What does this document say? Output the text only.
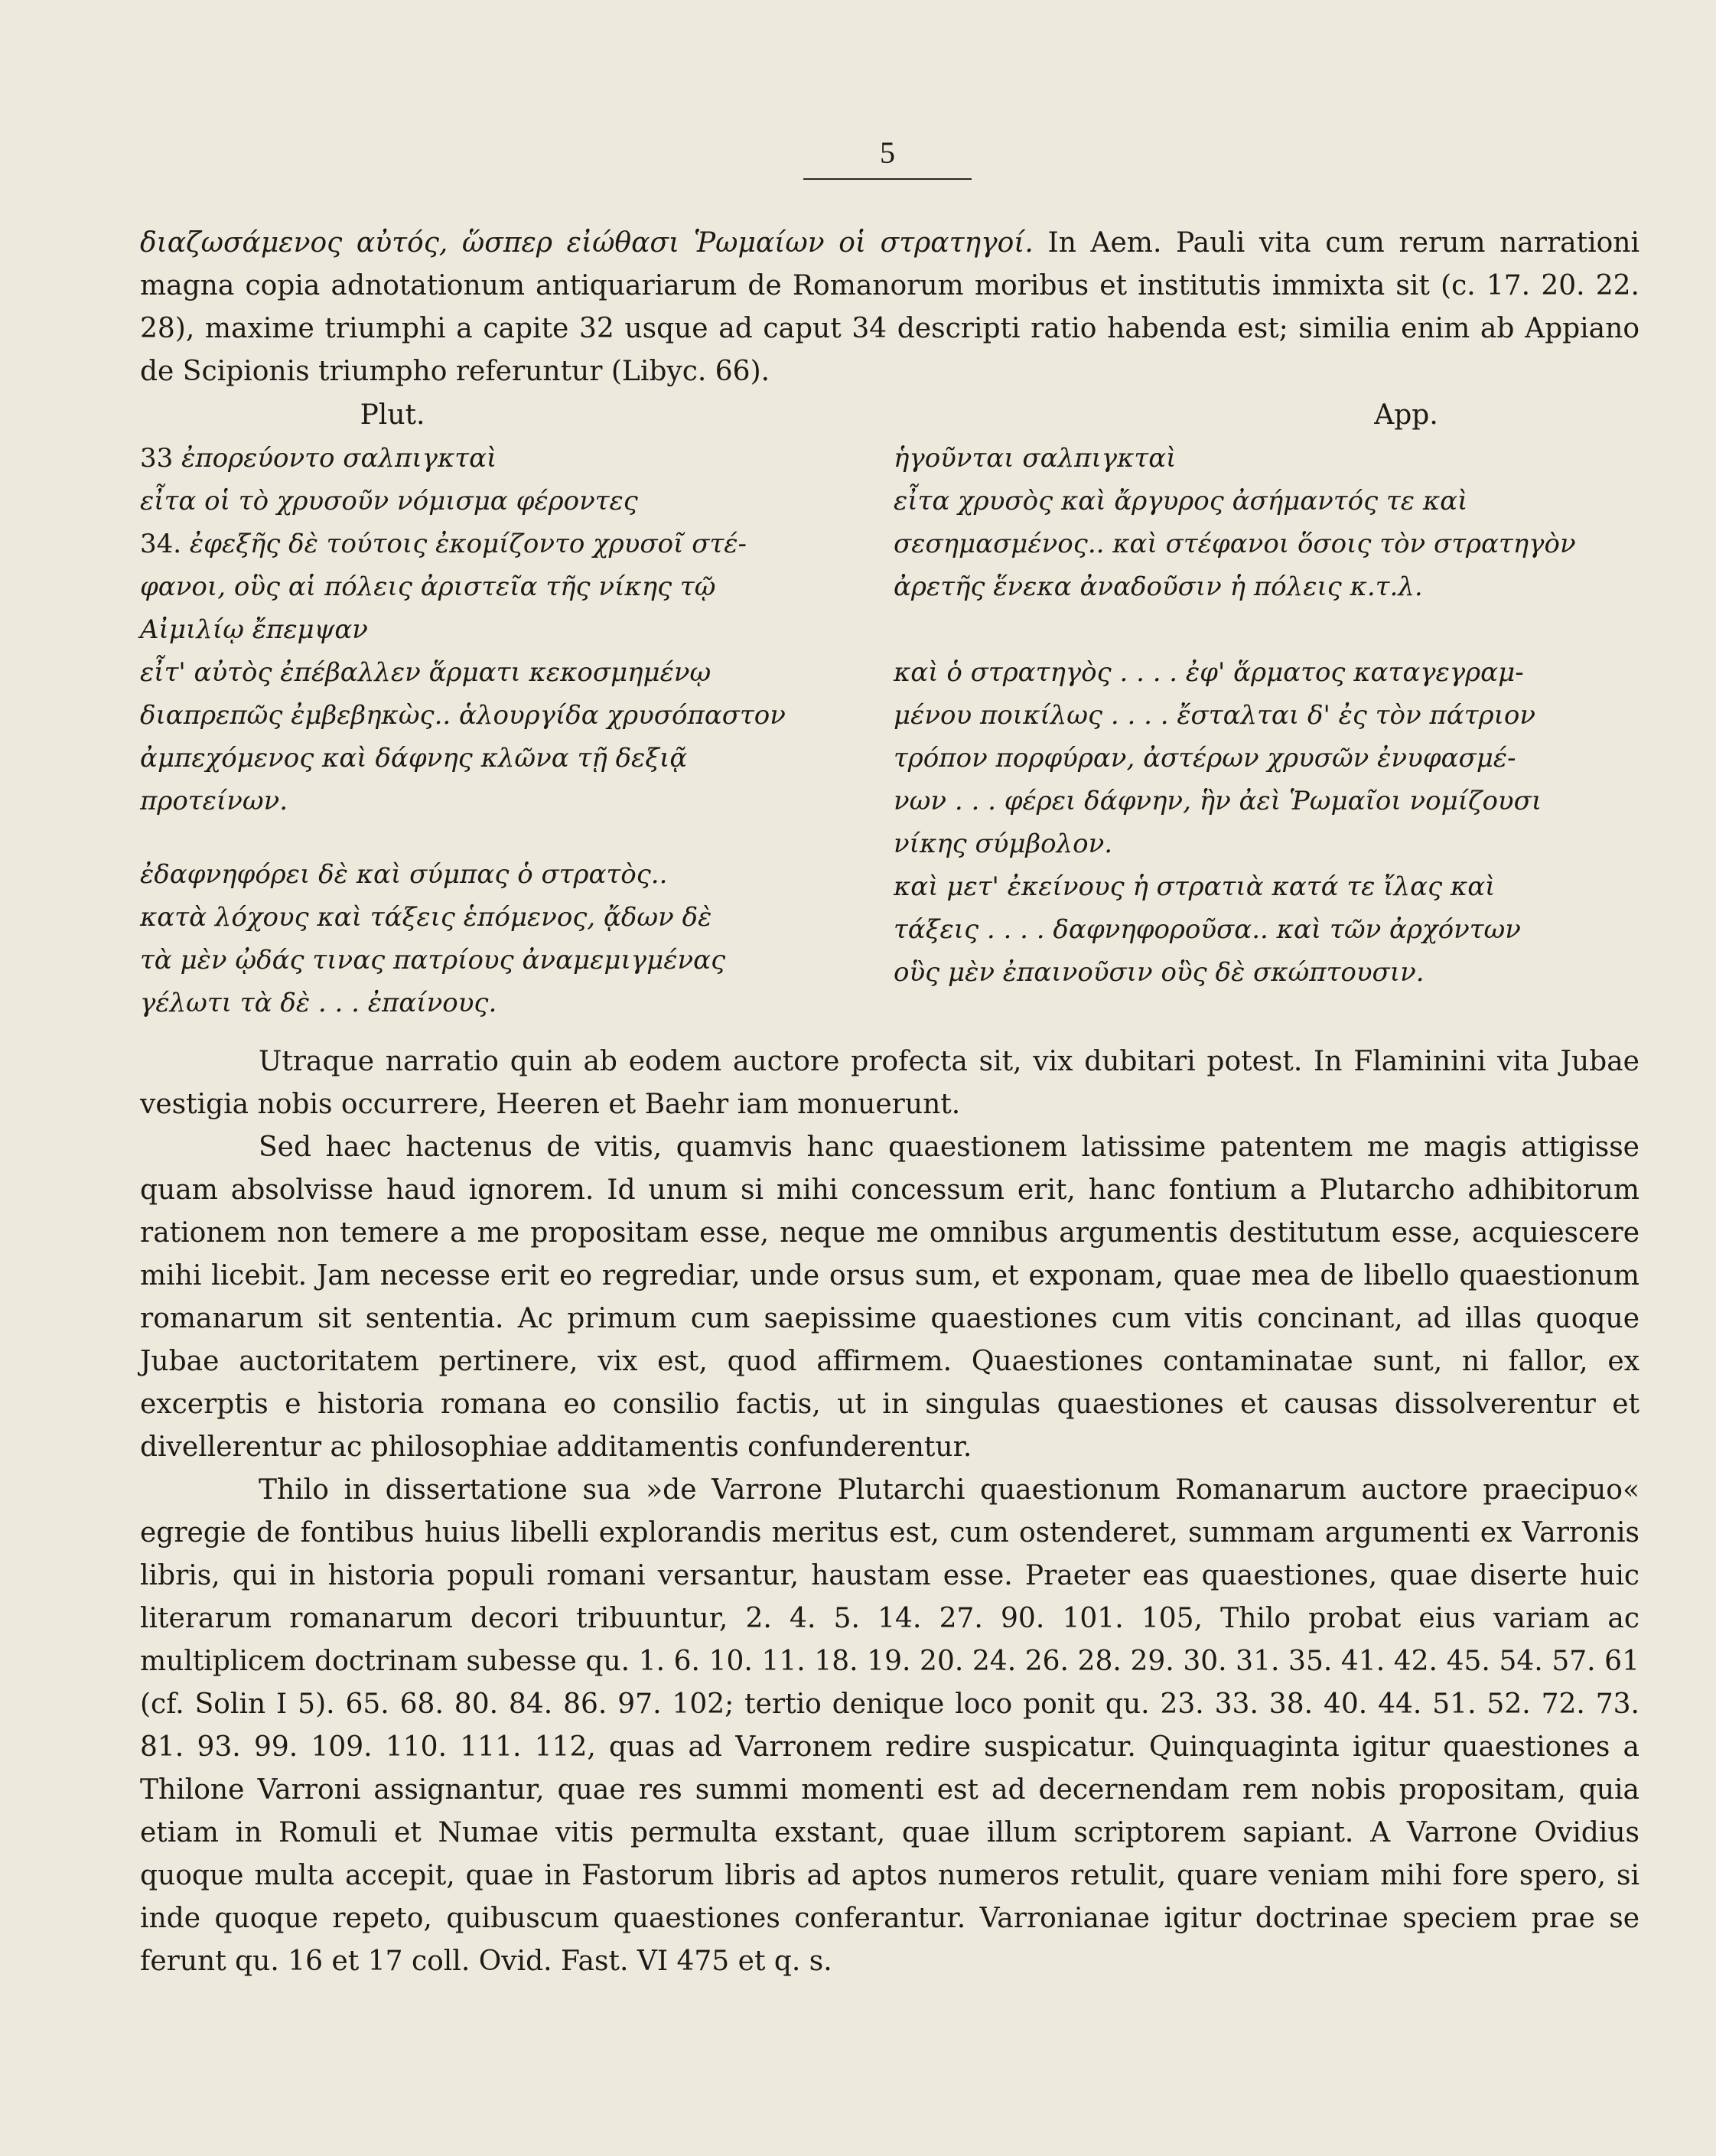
5

διαζωσάμενος αὐτός, ὥσπερ εἰώθασι Ῥωμαίων οἱ στρατηγοί. In Aem. Pauli vita cum rerum narrationi magna copia adnotationum antiquariarum de Romanorum moribus et institutis immixta sit (c. 17. 20. 22. 28), maxime triumphi a capite 32 usque ad caput 34 descripti ratio habenda est; similia enim ab Appiano de Scipionis triumpho referuntur (Libyc. 66).

Plut.

33 ἐπορεύοντο σαλπιγκταὶ

εἶτα οἱ τὸ χρυσοῦν νόμισμα φέροντες

34. ἐφεξῆς δὲ τούτοις ἐκομίζοντο χρυσοῖ στέ-

φανοι, οὓς αἱ πόλεις ἀριστεῖα τῆς νίκης τῷ

Αἰμιλίῳ ἔπεμψαν

εἶτ' αὐτὸς ἐπέβαλλεν ἅρματι κεκοσμημένῳ

διαπρεπῶς ἐμβεβηκὼς.. ἁλουργίδα χρυσόπαστον

ἀμπεχόμενος καὶ δάφνης κλῶνα τῇ δεξιᾷ

προτείνων.

ἐδαφνηφόρει δὲ καὶ σύμπας ὁ στρατὸς..

κατὰ λόχους καὶ τάξεις ἑπόμενος, ᾄδων δὲ

τὰ μὲν ᾠδάς τινας πατρίους ἀναμεμιγμένας

γέλωτι τὰ δὲ . . . ἐπαίνους.

App.

ἡγοῦνται σαλπιγκταὶ

εἶτα χρυσὸς καὶ ἄργυρος ἀσήμαντός τε καὶ

σεσημασμένος.. καὶ στέφανοι ὅσοις τὸν στρατηγὸν

ἀρετῆς ἕνεκα ἀναδοῦσιν ἡ πόλεις κ.τ.λ.

καὶ ὁ στρατηγὸς . . . . ἐφ' ἅρματος καταγεγραμ-

μένου ποικίλως . . . . ἔσταλται δ' ἐς τὸν πάτριον

τρόπον πορφύραν, ἀστέρων χρυσῶν ἐνυφασμέ-

νων . . . φέρει δάφνην, ἣν ἀεὶ Ῥωμαῖοι νομίζουσι

νίκης σύμβολον.

καὶ μετ' ἐκείνους ἡ στρατιὰ κατά τε ἴλας καὶ

τάξεις . . . . δαφνηφοροῦσα.. καὶ τῶν ἀρχόντων

οὓς μὲν ἐπαινοῦσιν οὓς δὲ σκώπτουσιν.

Utraque narratio quin ab eodem auctore profecta sit, vix dubitari potest. In Flaminini vita Jubae vestigia nobis occurrere, Heeren et Baehr iam monuerunt.

Sed haec hactenus de vitis, quamvis hanc quaestionem latissime patentem me magis attigisse quam absolvisse haud ignorem. Id unum si mihi concessum erit, hanc fontium a Plutarcho adhibitorum rationem non temere a me propositam esse, neque me omnibus argumentis destitutum esse, acquiescere mihi licebit. Jam necesse erit eo regrediar, unde orsus sum, et exponam, quae mea de libello quaestionum romanarum sit sententia. Ac primum cum saepissime quaestiones cum vitis concinant, ad illas quoque Jubae auctoritatem pertinere, vix est, quod affirmem. Quaestiones contaminatae sunt, ni fallor, ex excerptis e historia romana eo consilio factis, ut in singulas quaestiones et causas dissolverentur et divellerentur ac philosophiae additamentis confunderentur.

Thilo in dissertatione sua »de Varrone Plutarchi quaestionum Romanarum auctore praecipuo« egregie de fontibus huius libelli explorandis meritus est, cum ostenderet, summam argumenti ex Varronis libris, qui in historia populi romani versantur, haustam esse. Praeter eas quaestiones, quae diserte huic literarum romanarum decori tribuuntur, 2. 4. 5. 14. 27. 90. 101. 105, Thilo probat eius variam ac multiplicem doctrinam subesse qu. 1. 6. 10. 11. 18. 19. 20. 24. 26. 28. 29. 30. 31. 35. 41. 42. 45. 54. 57. 61 (cf. Solin I 5). 65. 68. 80. 84. 86. 97. 102; tertio denique loco ponit qu. 23. 33. 38. 40. 44. 51. 52. 72. 73. 81. 93. 99. 109. 110. 111. 112, quas ad Varronem redire suspicatur. Quinquaginta igitur quaestiones a Thilone Varroni assignantur, quae res summi momenti est ad decernendam rem nobis propositam, quia etiam in Romuli et Numae vitis permulta exstant, quae illum scriptorem sapiant. A Varrone Ovidius quoque multa accepit, quae in Fastorum libris ad aptos numeros retulit, quare veniam mihi fore spero, si inde quoque repeto, quibuscum quaestiones conferantur. Varronianae igitur doctrinae speciem prae se ferunt qu. 16 et 17 coll. Ovid. Fast. VI 475 et q. s.
